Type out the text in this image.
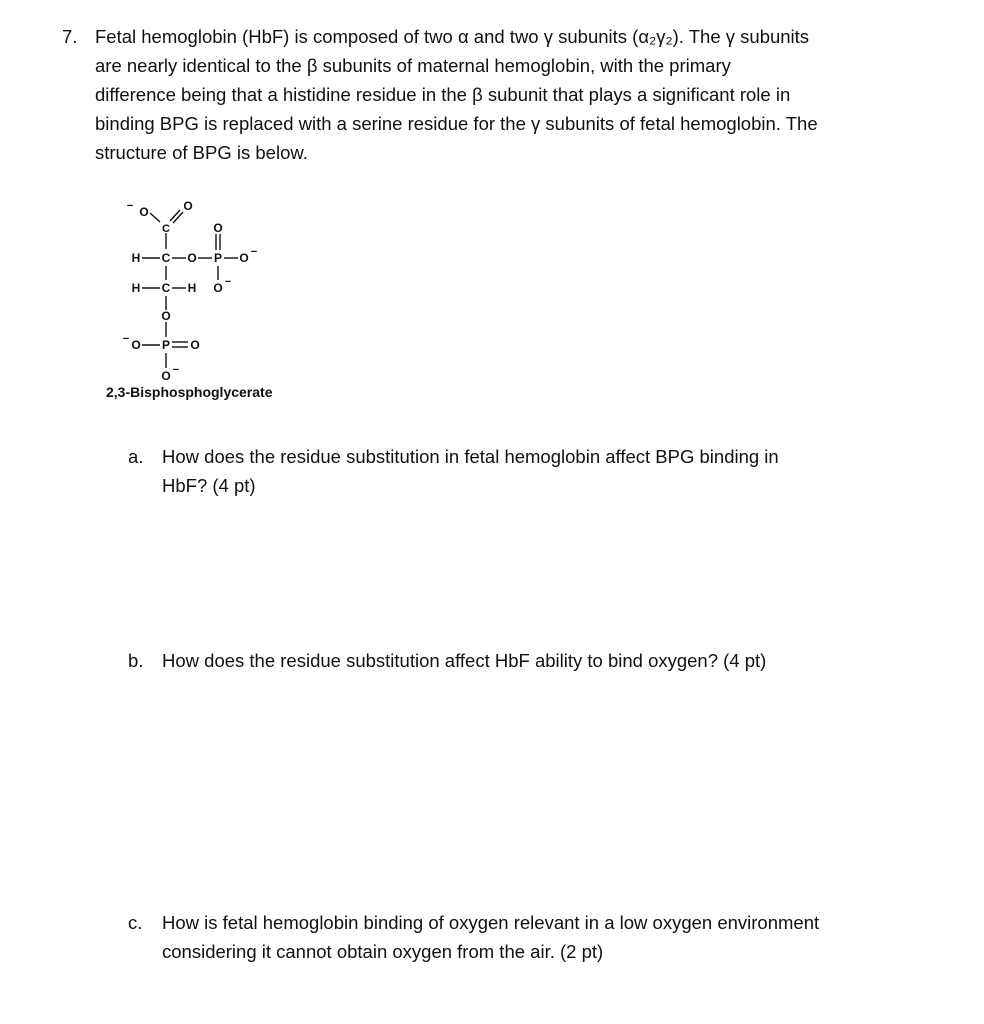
7. Fetal hemoglobin (HbF) is composed of two α and two γ subunits (α₂γ₂). The γ subunits
are nearly identical to the β subunits of maternal hemoglobin, with the primary
difference being that a histidine residue in the β subunit that plays a significant role in
binding BPG is replaced with a serine residue for the γ subunits of fetal hemoglobin. The
structure of BPG is below.
− O	O
C	O
H C O P O −
H C H O −
O
− O P O
O −
2,3-Bisphosphoglycerate
a. How does the residue substitution in fetal hemoglobin affect BPG binding in
HbF? (4 pt)
b. How does the residue substitution affect HbF ability to bind oxygen? (4 pt)
c. How is fetal hemoglobin binding of oxygen relevant in a low oxygen environment
considering it cannot obtain oxygen from the air. (2 pt)
